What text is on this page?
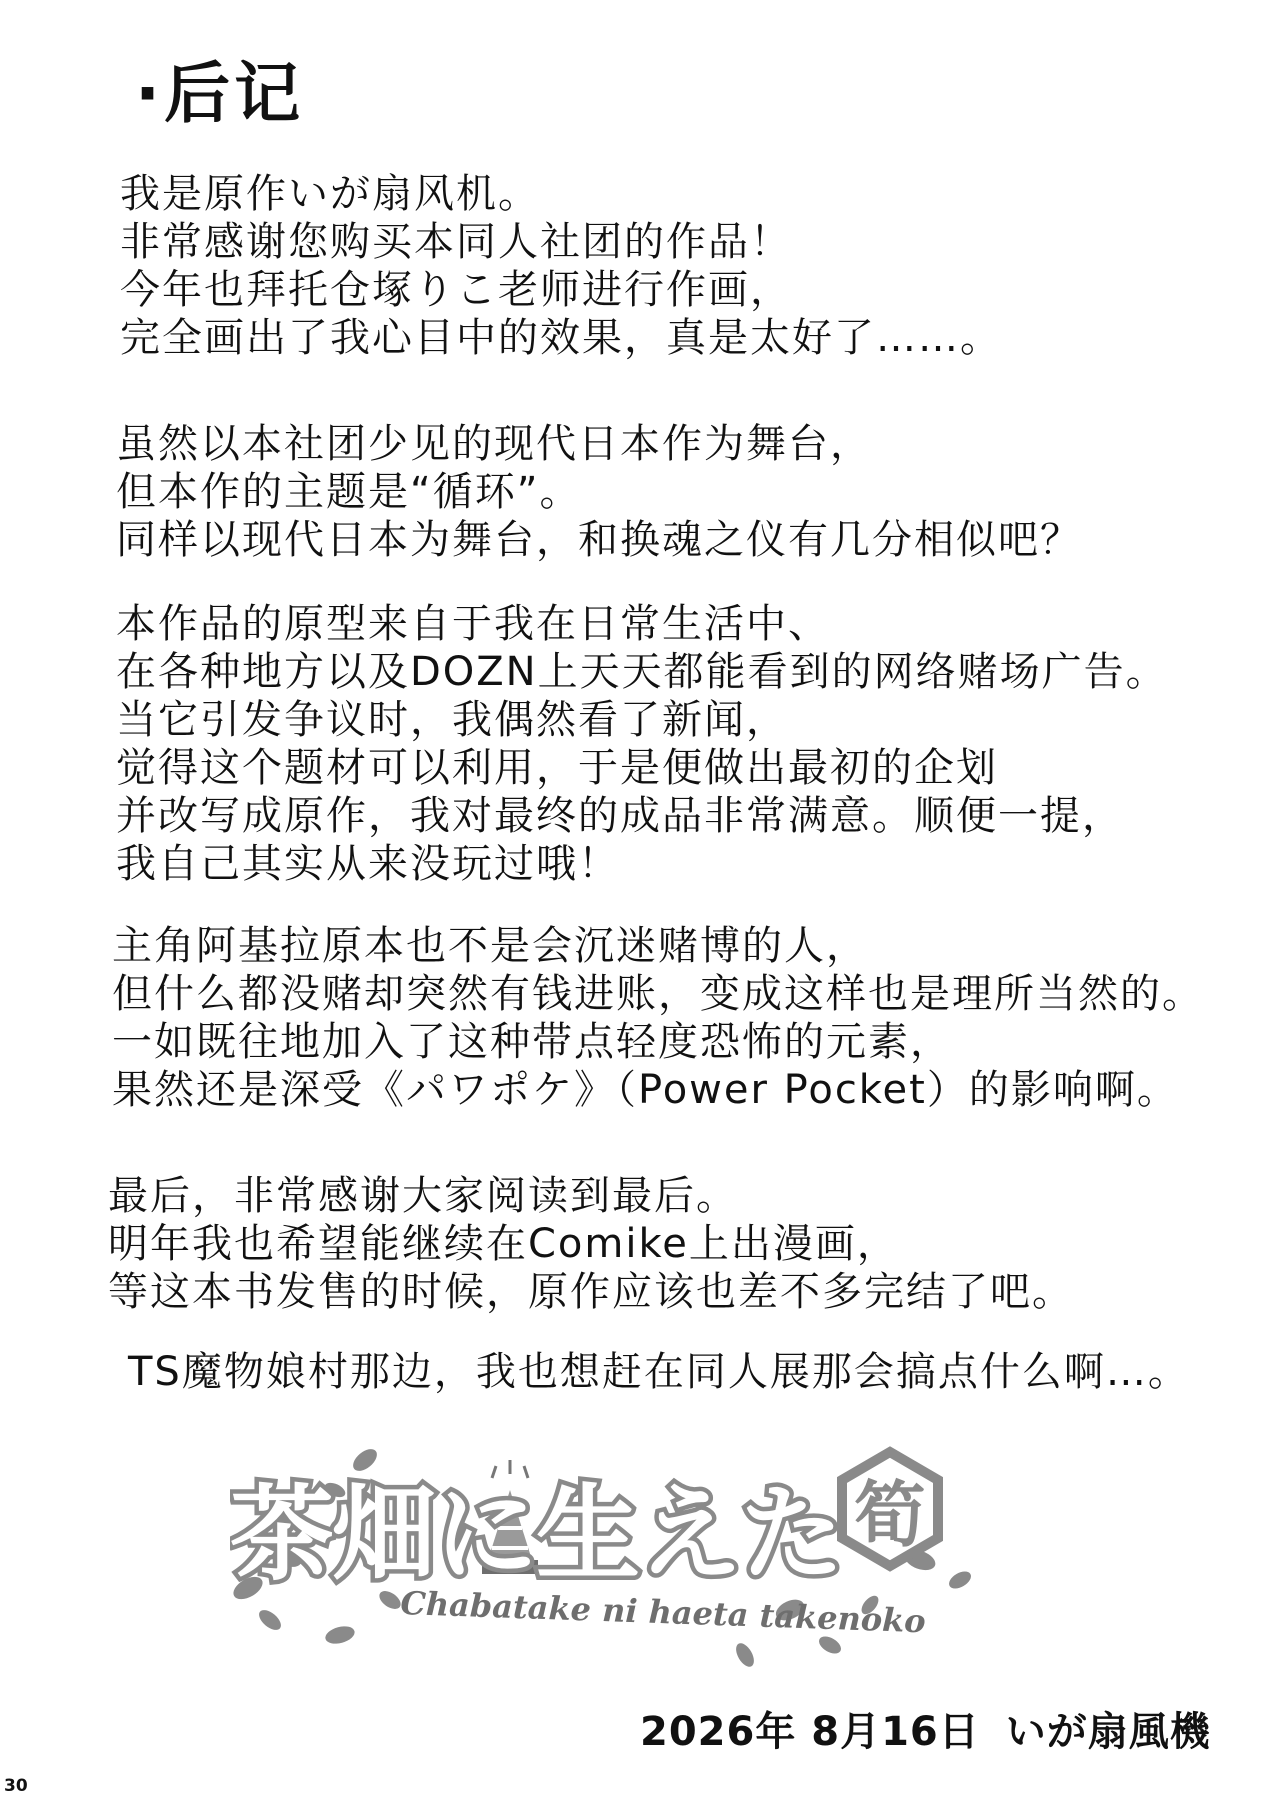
·后记
我是原作いが扇风机。
非常感谢您购买本同人社团的作品！
今年也拜托仓塚りこ老师进行作画，
完全画出了我心目中的效果，真是太好了……。
虽然以本社团少见的现代日本作为舞台，
但本作的主题是“循环”。
同样以现代日本为舞台，和换魂之仪有几分相似吧？
本作品的原型来自于我在日常生活中、
在各种地方以及DOZN上天天都能看到的网络赌场广告。
当它引发争议时，我偶然看了新闻，
觉得这个题材可以利用，于是便做出最初的企划
并改写成原作，我对最终的成品非常满意。顺便一提，
我自己其实从来没玩过哦！
主角阿基拉原本也不是会沉迷赌博的人，
但什么都没赌却突然有钱进账，变成这样也是理所当然的。
一如既往地加入了这种带点轻度恐怖的元素，
果然还是深受《パワポケ》（Power Pocket）的影响啊。
最后，非常感谢大家阅读到最后。
明年我也希望能继续在Comike上出漫画，
等这本书发售的时候，原作应该也差不多完结了吧。
TS魔物娘村那边，我也想赶在同人展那会搞点什么啊…。
茶畑に生えた 筍
Chabatake ni haeta takenoko
2026年 8月16日 いが扇風機
30
